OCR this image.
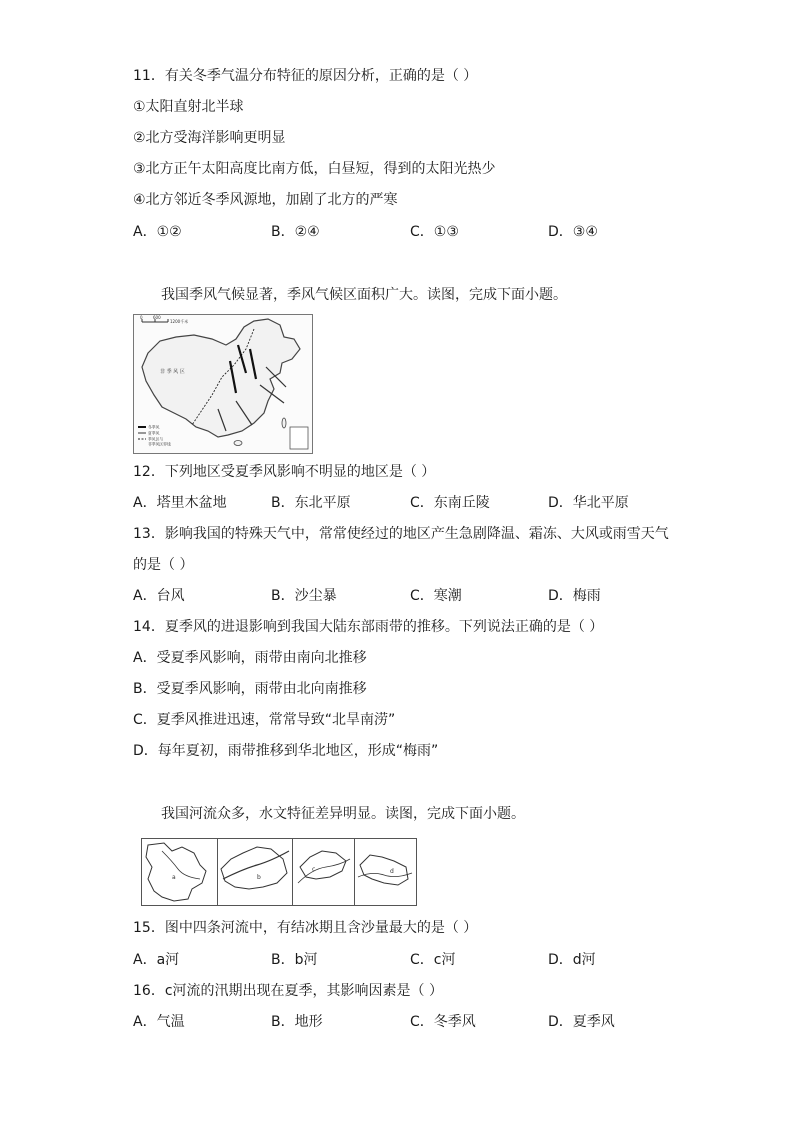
11．有关冬季气温分布特征的原因分析，正确的是（ ）
①太阳直射北半球
②北方受海洋影响更明显
③北方正午太阳高度比南方低，白昼短，得到的太阳光热少
④北方邻近冬季风源地，加剧了北方的严寒
A．①②	B．②④	C．①③	D．③④
我国季风气候显著，季风气候区面积广大。读图，完成下面小题。
0	600
1200千米
非 季 风 区
冬季风
夏季风
季风区与
非季风区界线
12．下列地区受夏季风影响不明显的地区是（ ）
A．塔里木盆地	B．东北平原	C．东南丘陵	D．华北平原
13．影响我国的特殊天气中，常常使经过的地区产生急剧降温、霜冻、大风或雨雪天气
的是（ ）
A．台风	B．沙尘暴	C．寒潮	D．梅雨
14．夏季风的进退影响到我国大陆东部雨带的推移。下列说法正确的是（ ）
A．受夏季风影响，雨带由南向北推移
B．受夏季风影响，雨带由北向南推移
C．夏季风推进迅速，常常导致“北旱南涝”
D．每年夏初，雨带推移到华北地区，形成“梅雨”
我国河流众多，水文特征差异明显。读图，完成下面小题。
a	b
c	d
15．图中四条河流中，有结冰期且含沙量最大的是（ ）
A．a河	B．b河	C．c河	D．d河
16．c河流的汛期出现在夏季，其影响因素是（ ）
A．气温	B．地形	C．冬季风	D．夏季风
